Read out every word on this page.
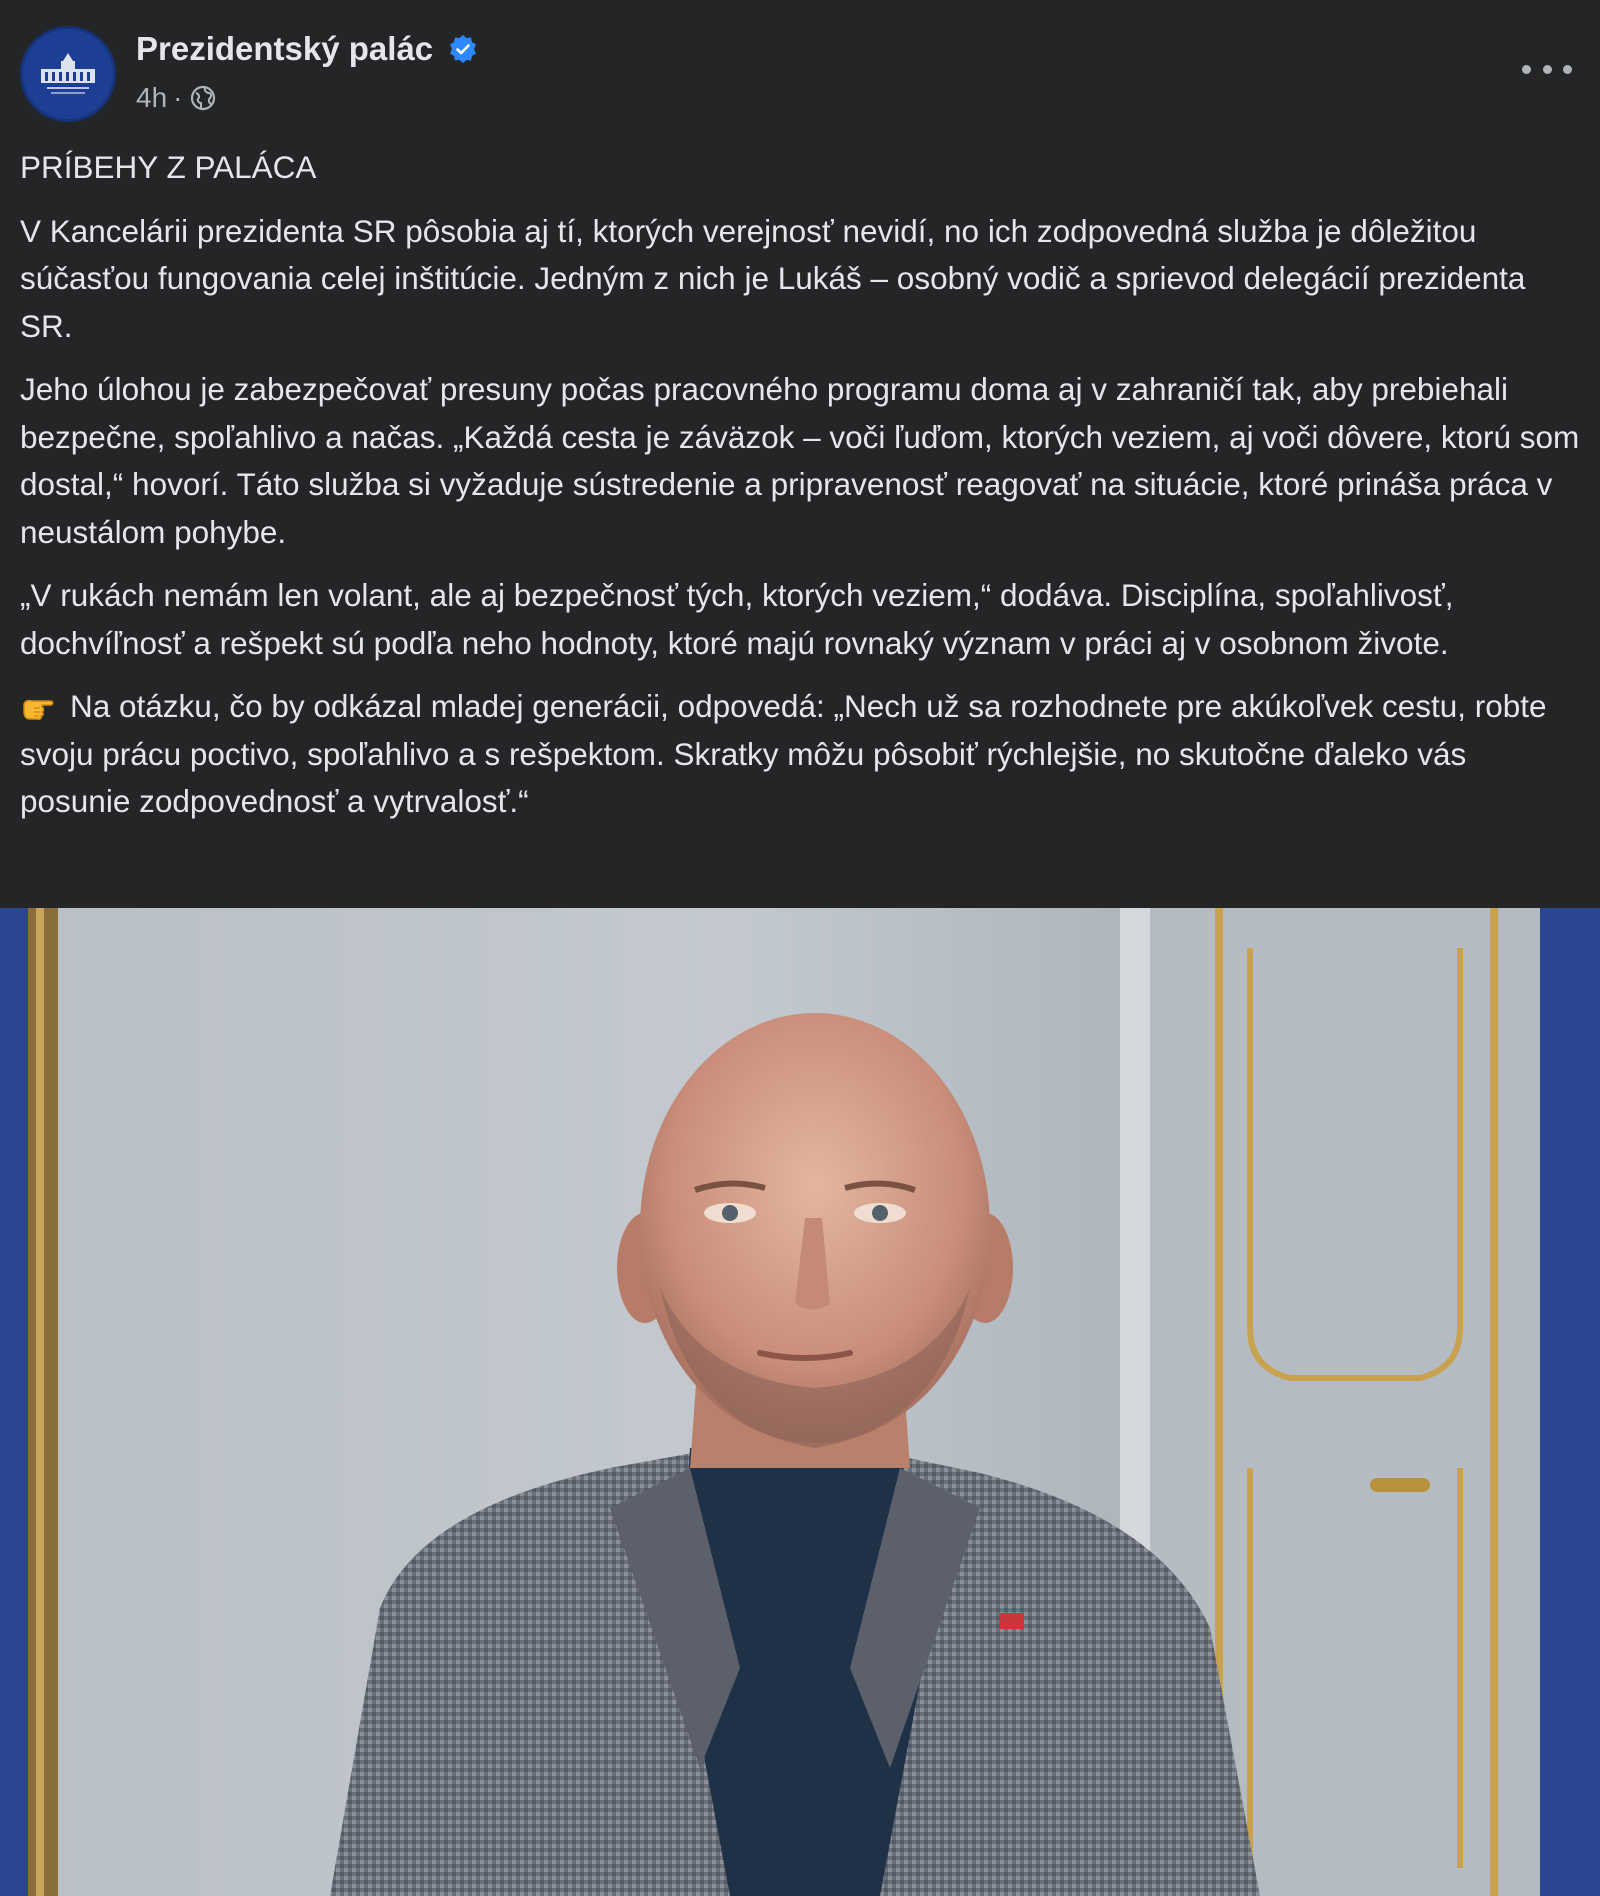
Prezidentský palác
4h ·

PRÍBEHY Z PALÁCA

V Kancelárii prezidenta SR pôsobia aj tí, ktorých verejnosť nevidí, no ich zodpovedná služba je dôležitou súčasťou fungovania celej inštitúcie. Jedným z nich je Lukáš – osobný vodič a sprievod delegácií prezidenta SR.

Jeho úlohou je zabezpečovať presuny počas pracovného programu doma aj v zahraničí tak, aby prebiehali bezpečne, spoľahlivo a načas. „Každá cesta je záväzok – voči ľuďom, ktorých veziem, aj voči dôvere, ktorú som dostal,“ hovorí. Táto služba si vyžaduje sústredenie a pripravenosť reagovať na situácie, ktoré prináša práca v neustálom pohybe.

„V rukách nemám len volant, ale aj bezpečnosť tých, ktorých veziem,“ dodáva. Disciplína, spoľahlivosť, dochvíľnosť a rešpekt sú podľa neho hodnoty, ktoré majú rovnaký význam v práci aj v osobnom živote.

Na otázku, čo by odkázal mladej generácii, odpovedá: „Nech už sa rozhodnete pre akúkoľvek cestu, robte svoju prácu poctivo, spoľahlivo a s rešpektom. Skratky môžu pôsobiť rýchlejšie, no skutočne ďaleko vás posunie zodpovednosť a vytrvalosť.“
